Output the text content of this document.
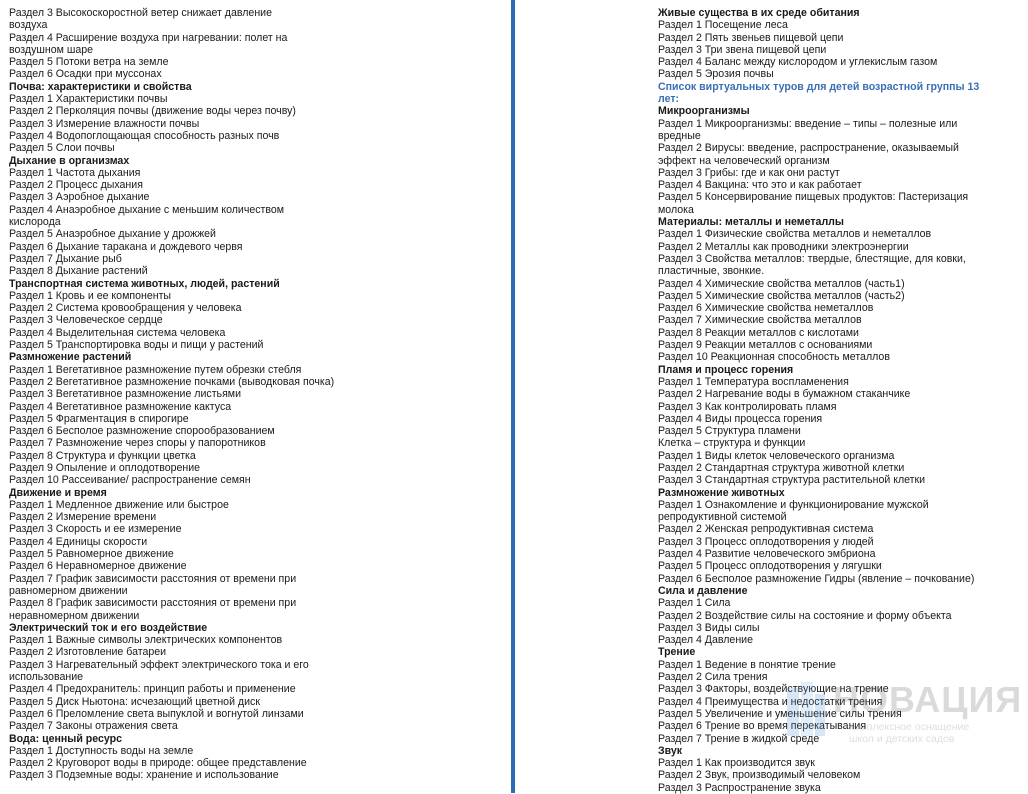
Раздел 3 Высокоскоростной ветер снижает давление
воздуха
Раздел 4 Расширение воздуха при нагревании: полет на
воздушном шаре
Раздел 5 Потоки ветра на земле
Раздел 6 Осадки при муссонах
Почва: характеристики и свойства
Раздел 1 Характеристики почвы
Раздел 2 Перколяция почвы (движение воды через почву)
Раздел 3 Измерение влажности почвы
Раздел 4 Водопоглощающая способность разных почв
Раздел 5 Слои почвы
Дыхание в организмах
Раздел 1 Частота дыхания
Раздел 2 Процесс дыхания
Раздел 3 Аэробное дыхание
Раздел 4 Анаэробное дыхание с меньшим количеством
кислорода
Раздел 5 Анаэробное дыхание у дрожжей
Раздел 6 Дыхание таракана и дождевого червя
Раздел 7 Дыхание рыб
Раздел 8 Дыхание растений
Транспортная система животных, людей, растений
Раздел 1 Кровь и ее компоненты
Раздел 2 Система кровообращения у человека
Раздел 3 Человеческое сердце
Раздел 4 Выделительная система человека
Раздел 5 Транспортировка воды и пищи у растений
Размножение растений
Раздел 1 Вегетативное размножение путем обрезки стебля
Раздел 2 Вегетативное размножение почками (выводковая почка)
Раздел 3 Вегетативное размножение листьями
Раздел 4 Вегетативное размножение кактуса
Раздел 5 Фрагментация в спирогире
Раздел 6 Бесполое размножение спорообразованием
Раздел 7 Размножение через споры у папоротников
Раздел 8 Структура и функции цветка
Раздел 9 Опыление и оплодотворение
Раздел 10 Рассеивание/ распространение семян
Движение и время
Раздел 1 Медленное движение или быстрое
Раздел 2 Измерение времени
Раздел 3 Скорость и ее измерение
Раздел 4 Единицы скорости
Раздел 5 Равномерное движение
Раздел 6 Неравномерное движение
Раздел 7 График зависимости расстояния от времени при
равномерном движении
Раздел 8 График зависимости расстояния от времени при
неравномерном движении
Электрический ток и его воздействие
Раздел 1 Важные символы электрических компонентов
Раздел 2 Изготовление батареи
Раздел 3 Нагревательный эффект электрического тока и его
использование
Раздел 4 Предохранитель: принцип работы и применение
Раздел 5 Диск Ньютона: исчезающий цветной диск
Раздел 6 Преломление света выпуклой и вогнутой линзами
Раздел 7 Законы отражения света
Вода: ценный ресурс
Раздел 1 Доступность воды на земле
Раздел 2 Круговорот воды в природе: общее представление
Раздел 3 Подземные воды: хранение и использование
Живые существа в их среде обитания
Раздел 1 Посещение леса
Раздел 2 Пять звеньев пищевой цепи
Раздел 3 Три звена пищевой цепи
Раздел 4 Баланс между кислородом и углекислым газом
Раздел 5 Эрозия почвы
Список виртуальных туров для детей возрастной группы 13 лет:
Микроорганизмы
Раздел 1 Микроорганизмы: введение – типы – полезные или
вредные
Раздел 2 Вирусы: введение, распространение, оказываемый
эффект на человеческий организм
Раздел 3 Грибы: где и как они растут
Раздел 4 Вакцина: что это и как работает
Раздел 5 Консервирование пищевых продуктов: Пастеризация
молока
Материалы: металлы и неметаллы
Раздел 1 Физические свойства металлов и неметаллов
Раздел 2 Металлы как проводники электроэнергии
Раздел 3 Свойства металлов: твердые, блестящие, для ковки,
пластичные, звонкие.
Раздел 4 Химические свойства металлов (часть1)
Раздел 5 Химические свойства металлов (часть2)
Раздел 6 Химические свойства неметаллов
Раздел 7 Химические свойства металлов
Раздел 8 Реакции металлов с кислотами
Раздел 9 Реакции металлов с основаниями
Раздел 10 Реакционная способность металлов
Пламя и процесс горения
Раздел 1 Температура воспламенения
Раздел 2 Нагревание воды в бумажном стаканчике
Раздел 3 Как контролировать пламя
Раздел 4 Виды процесса горения
Раздел 5 Структура пламени
Клетка – структура и функции
Раздел 1 Виды клеток человеческого организма
Раздел 2 Стандартная структура животной клетки
Раздел 3 Стандартная структура растительной клетки
Размножение животных
Раздел 1 Ознакомление и функционирование мужской
репродуктивной системой
Раздел 2 Женская репродуктивная система
Раздел 3 Процесс оплодотворения у людей
Раздел 4 Развитие человеческого эмбриона
Раздел 5 Процесс оплодотворения у лягушки
Раздел 6 Бесполое размножение Гидры (явление – почкование)
Сила и давление
Раздел 1 Сила
Раздел 2 Воздействие силы на состояние и форму объекта
Раздел 3 Виды силы
Раздел 4 Давление
Трение
Раздел 1 Ведение в понятие трение
Раздел 2 Сила трения
Раздел 3 Факторы, воздействующие на трение
Раздел 4 Преимущества и недостатки трения
Раздел 5 Увеличение и уменьшение силы трения
Раздел 6 Трение во время перекатывания
Раздел 7 Трение в жидкой среде
Звук
Раздел 1 Как производится звук
Раздел 2 Звук, производимый человеком
Раздел 3 Распространение звука
НОВАЦИЯ
комплексное оснащение
школ и детских садов
